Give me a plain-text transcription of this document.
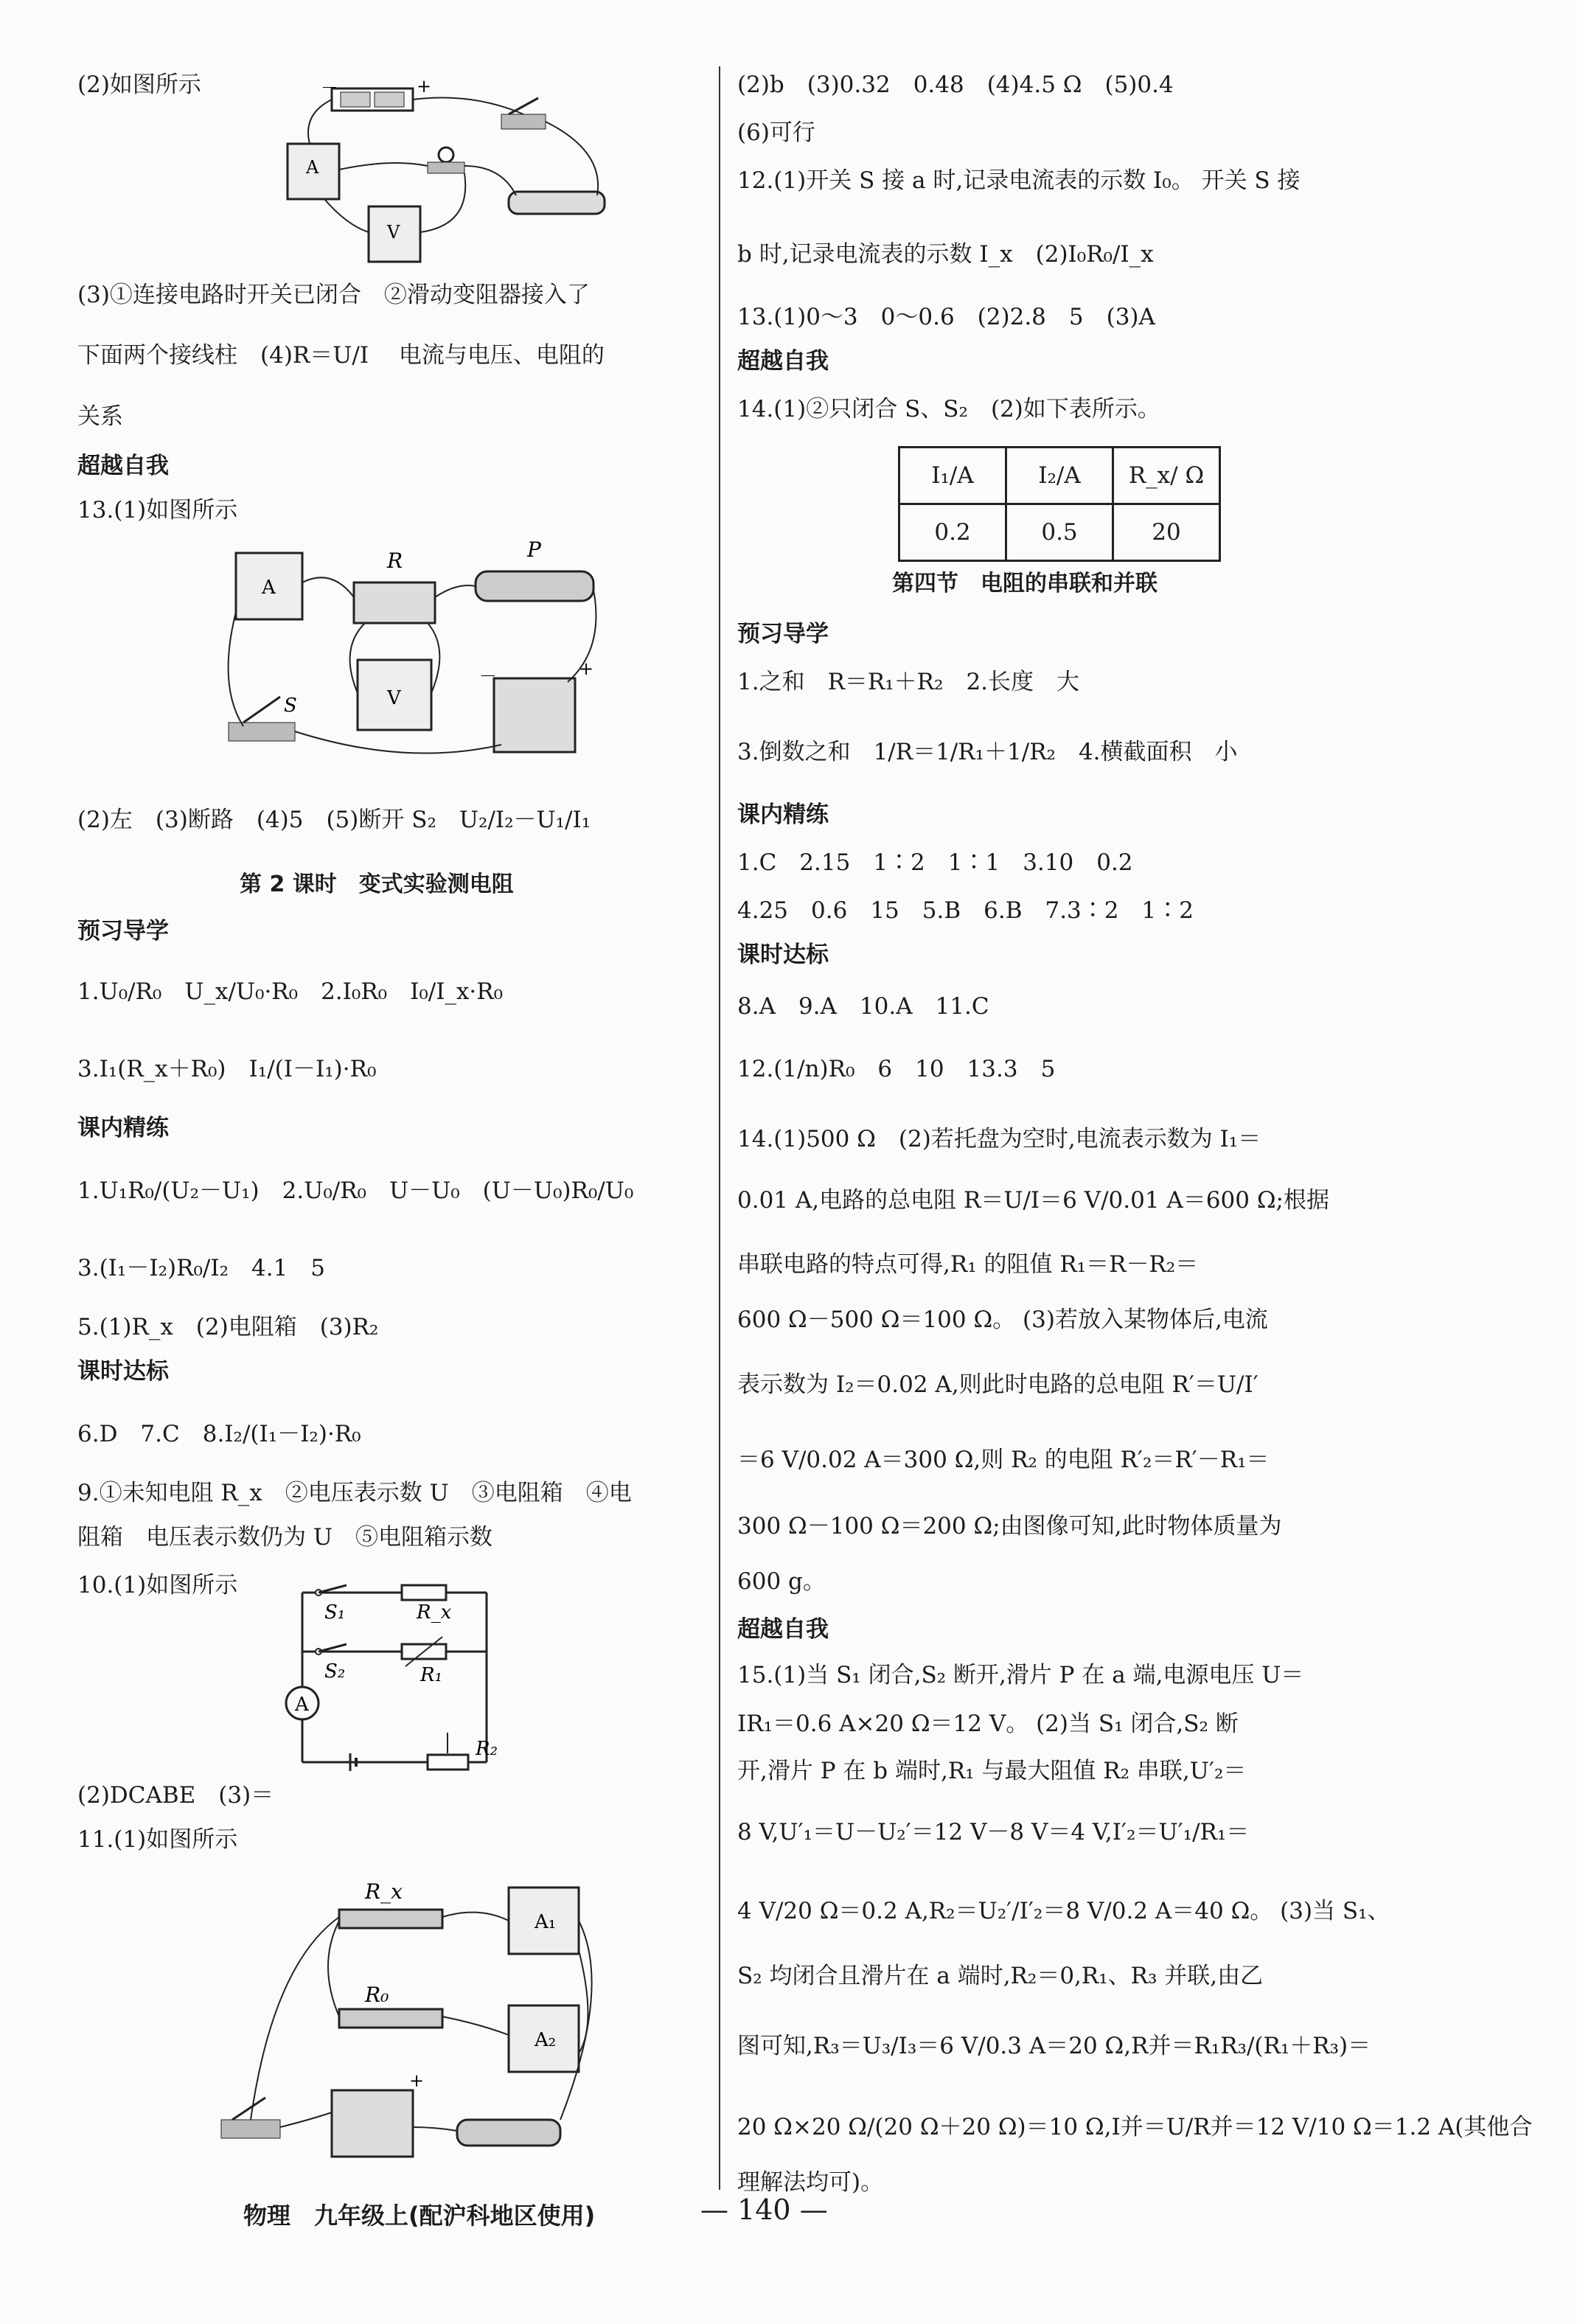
(2)如图所示
(3)①连接电路时开关已闭合　②滑动变阻器接入了
下面两个接线柱　(4)R＝U/I　 电流与电压、电阻的
关系
超越自我
13.(1)如图所示
(2)左　(3)断路　(4)5　(5)断开 S₂　U₂/I₂－U₁/I₁
第 2 课时　变式实验测电阻
预习导学
1.U₀/R₀　U_x/U₀·R₀　2.I₀R₀　I₀/I_x·R₀
3.I₁(R_x＋R₀)　I₁/(I－I₁)·R₀
课内精练
1.U₁R₀/(U₂－U₁)　2.U₀/R₀　U－U₀　(U－U₀)R₀/U₀
3.(I₁－I₂)R₀/I₂　4.1　5
5.(1)R_x　(2)电阻箱　(3)R₂
课时达标
6.D　7.C　8.I₂/(I₁－I₂)·R₀
9.①未知电阻 R_x　②电压表示数 U　③电阻箱　④电
阻箱　电压表示数仍为 U　⑤电阻箱示数
10.(1)如图所示
(2)DCABE　(3)＝
11.(1)如图所示
(2)b　(3)0.32　0.48　(4)4.5 Ω　(5)0.4
(6)可行
12.(1)开关 S 接 a 时,记录电流表的示数 I₀。 开关 S 接
b 时,记录电流表的示数 I_x　(2)I₀R₀/I_x
13.(1)0～3　0～0.6　(2)2.8　5　(3)A
超越自我
14.(1)②只闭合 S、S₂　(2)如下表所示。
第四节　电阻的串联和并联
预习导学
1.之和　R＝R₁＋R₂　2.长度　大
3.倒数之和　1/R＝1/R₁＋1/R₂　4.横截面积　小
课内精练
1.C　2.15　1∶2　1∶1　3.10　0.2
4.25　0.6　15　5.B　6.B　7.3∶2　1∶2
课时达标
8.A　9.A　10.A　11.C
12.(1/n)R₀　6　10　13.3　5
14.(1)500 Ω　(2)若托盘为空时,电流表示数为 I₁＝
0.01 A,电路的总电阻 R＝U/I＝6 V/0.01 A＝600 Ω;根据
串联电路的特点可得,R₁ 的阻值 R₁＝R－R₂＝
600 Ω－500 Ω＝100 Ω。 (3)若放入某物体后,电流
表示数为 I₂＝0.02 A,则此时电路的总电阻 R′＝U/I′
＝6 V/0.02 A＝300 Ω,则 R₂ 的电阻 R′₂＝R′－R₁＝
300 Ω－100 Ω＝200 Ω;由图像可知,此时物体质量为
600 g。
超越自我
15.(1)当 S₁ 闭合,S₂ 断开,滑片 P 在 a 端,电源电压 U＝
IR₁＝0.6 A×20 Ω＝12 V。 (2)当 S₁ 闭合,S₂ 断
开,滑片 P 在 b 端时,R₁ 与最大阻值 R₂ 串联,U′₂＝
8 V,U′₁＝U－U₂′＝12 V－8 V＝4 V,I′₂＝U′₁/R₁＝
4 V/20 Ω＝0.2 A,R₂＝U₂′/I′₂＝8 V/0.2 A＝40 Ω。 (3)当 S₁、
S₂ 均闭合且滑片在 a 端时,R₂＝0,R₁、R₃ 并联,由乙
图可知,R₃＝U₃/I₃＝6 V/0.3 A＝20 Ω,R并＝R₁R₃/(R₁＋R₃)＝
20 Ω×20 Ω/(20 Ω＋20 Ω)＝10 Ω,I并＝U/R并＝12 V/10 Ω＝1.2 A(其他合
理解法均可)。
－	+
A
V
A
R	P
V
S
－	+
S₁	R_x
S₂	R₁
A
R₂
R_x
A₁
R₀
A₂
+
I₁/A	I₂/A	R_x/ Ω
0.2	0.5	20
物理　九年级上(配沪科地区使用)	— 140 —
